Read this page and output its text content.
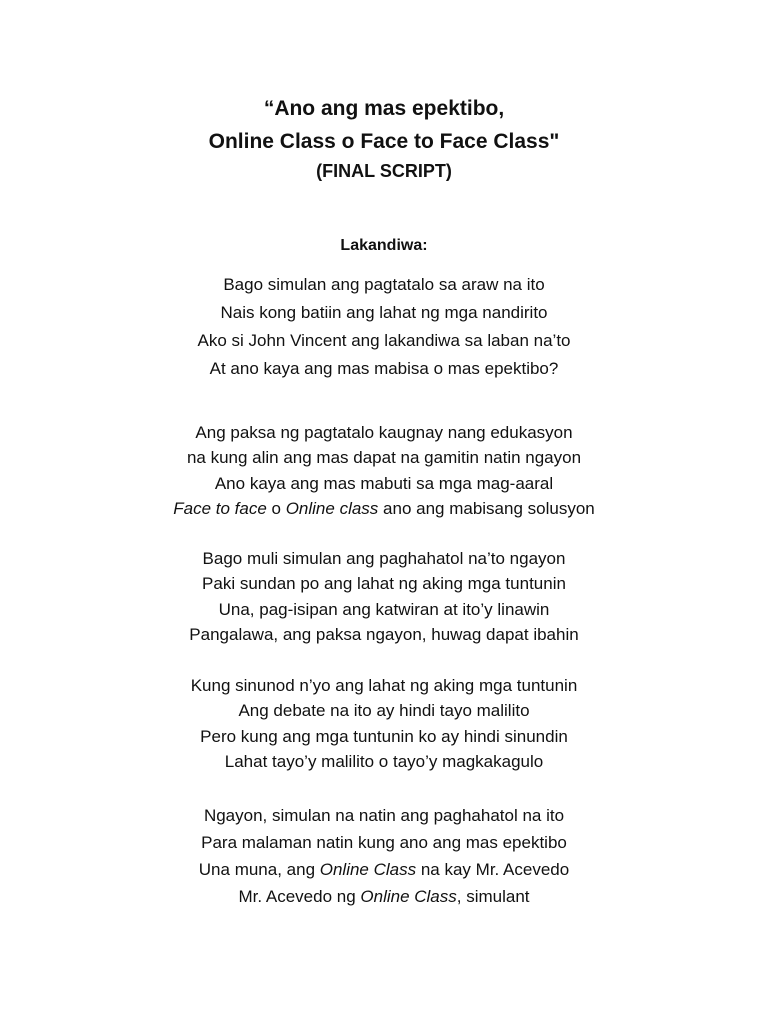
“Ano ang mas epektibo,
Online Class o Face to Face Class"
(FINAL SCRIPT)
Lakandiwa:
Bago simulan ang pagtatalo sa araw na ito
Nais kong batiin ang lahat ng mga nandirito
Ako si John Vincent ang lakandiwa sa laban na’to
At ano kaya ang mas mabisa o mas epektibo?
Ang paksa ng pagtatalo kaugnay nang edukasyon
na kung alin ang mas dapat na gamitin natin ngayon
Ano kaya ang mas mabuti sa mga mag-aaral
Face to face o Online class ano ang mabisang solusyon
Bago muli simulan ang paghahatol na’to ngayon
Paki sundan po ang lahat ng aking mga tuntunin
Una, pag-isipan ang katwiran at ito’y linawin
Pangalawa, ang paksa ngayon, huwag dapat ibahin
Kung sinunod n’yo ang lahat ng aking mga tuntunin
Ang debate na ito ay hindi tayo malilito
Pero kung ang mga tuntunin ko ay hindi sinundin
Lahat tayo’y malilito o tayo’y magkakagulo
Ngayon, simulan na natin ang paghahatol na ito
Para malaman natin kung ano ang mas epektibo
Una muna, ang Online Class na kay Mr. Acevedo
Mr. Acevedo ng Online Class, simulant
